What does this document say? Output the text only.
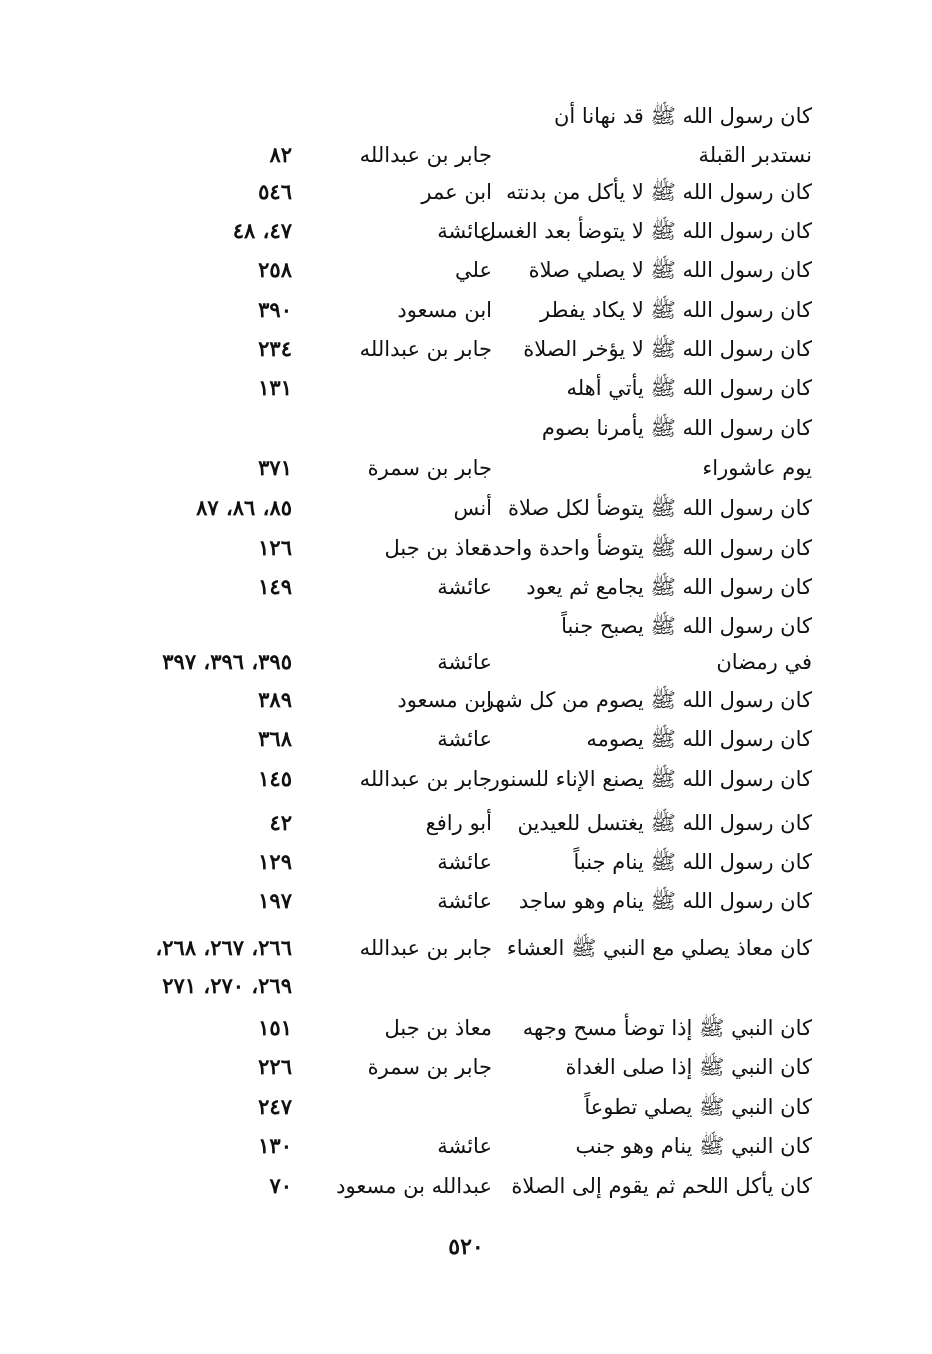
كان رسول الله ﷺ قد نهانا أن
نستدبر القبلة
جابر بن عبدالله
٨٢
كان رسول الله ﷺ لا يأكل من بدنته
ابن عمر
٥٤٦
كان رسول الله ﷺ لا يتوضأ بعد الغسل
عائشة
٤٧، ٤٨
كان رسول الله ﷺ لا يصلي صلاة
علي
٢٥٨
كان رسول الله ﷺ لا يكاد يفطر
ابن مسعود
٣٩٠
كان رسول الله ﷺ لا يؤخر الصلاة
جابر بن عبدالله
٢٣٤
كان رسول الله ﷺ يأتي أهله
١٣١
كان رسول الله ﷺ يأمرنا بصوم
يوم عاشوراء
جابر بن سمرة
٣٧١
كان رسول الله ﷺ يتوضأ لكل صلاة
أنس
٨٥، ٨٦، ٨٧
كان رسول الله ﷺ يتوضأ واحدة واحدة
معاذ بن جبل
١٢٦
كان رسول الله ﷺ يجامع ثم يعود
عائشة
١٤٩
كان رسول الله ﷺ يصبح جنباً
في رمضان
عائشة
٣٩٥، ٣٩٦، ٣٩٧
كان رسول الله ﷺ يصوم من كل شهر
ابن مسعود
٣٨٩
كان رسول الله ﷺ يصومه
عائشة
٣٦٨
كان رسول الله ﷺ يصنع الإناء للسنور
جابر بن عبدالله
١٤٥
كان رسول الله ﷺ يغتسل للعيدين
أبو رافع
٤٢
كان رسول الله ﷺ ينام جنباً
عائشة
١٢٩
كان رسول الله ﷺ ينام وهو ساجد
عائشة
١٩٧
كان معاذ يصلي مع النبي ﷺ العشاء
جابر بن عبدالله
٢٦٦، ٢٦٧، ٢٦٨،
٢٦٩، ٢٧٠، ٢٧١
كان النبي ﷺ إذا توضأ مسح وجهه
معاذ بن جبل
١٥١
كان النبي ﷺ إذا صلى الغداة
جابر بن سمرة
٢٢٦
كان النبي ﷺ يصلي تطوعاً
٢٤٧
كان النبي ﷺ ينام وهو جنب
عائشة
١٣٠
كان يأكل اللحم ثم يقوم إلى الصلاة
عبدالله بن مسعود
٧٠
٥٢٠
